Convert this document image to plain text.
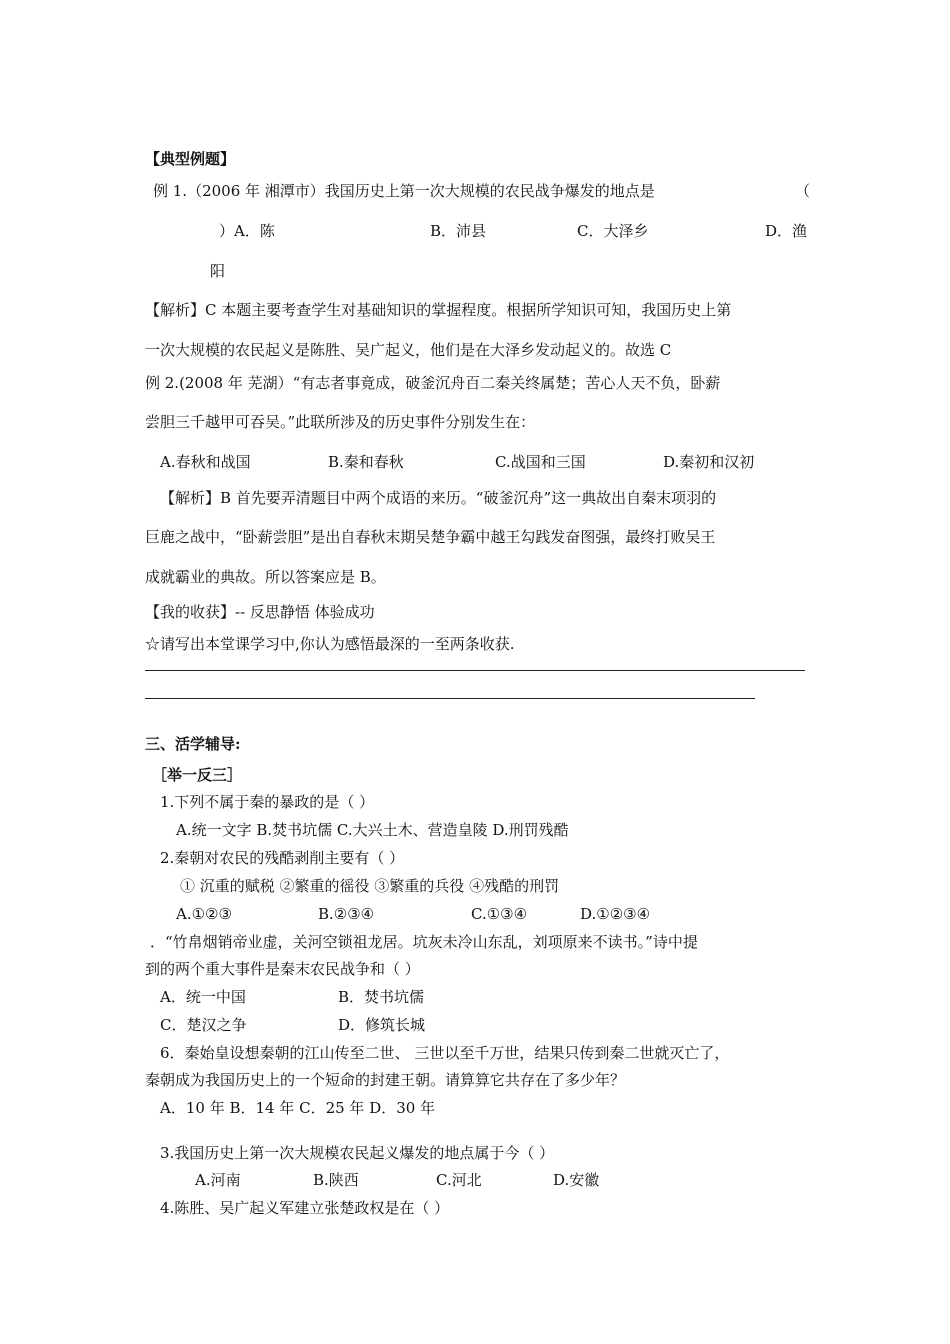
【典型例题】
例 1.（2006 年 湘潭市）我国历史上第一次大规模的农民战争爆发的地点是	（
）A．陈	B．沛县	C．大泽乡	D．渔
阳
【解析】C 本题主要考查学生对基础知识的掌握程度。根据所学知识可知，我国历史上第
一次大规模的农民起义是陈胜、吴广起义，他们是在大泽乡发动起义的。故选 C
例 2.(2008 年 芜湖）“有志者事竟成，破釜沉舟百二秦关终属楚；苦心人天不负，卧薪
尝胆三千越甲可吞吴。”此联所涉及的历史事件分别发生在：
A.春秋和战国	B.秦和春秋	C.战国和三国	D.秦初和汉初
【解析】B 首先要弄清题目中两个成语的来历。“破釜沉舟”这一典故出自秦末项羽的
巨鹿之战中，“卧薪尝胆”是出自春秋末期吴楚争霸中越王勾践发奋图强，最终打败吴王
成就霸业的典故。所以答案应是 B。
【我的收获】-- 反思静悟 体验成功
☆请写出本堂课学习中,你认为感悟最深的一至两条收获.
三、活学辅导:
［举一反三］
1.下列不属于秦的暴政的是（ ）
A.统一文字 B.焚书坑儒 C.大兴土木、营造皇陵 D.刑罚残酷
2.秦朝对农民的残酷剥削主要有（ ）
① 沉重的赋税 ②繁重的徭役 ③繁重的兵役 ④残酷的刑罚
A.①②③	B.②③④	C.①③④	D.①②③④
．“竹帛烟销帝业虚，关河空锁祖龙居。坑灰未冷山东乱，刘项原来不读书。”诗中提
到的两个重大事件是秦末农民战争和（ ）
A．统一中国	B．焚书坑儒
C．楚汉之争	D．修筑长城
6．秦始皇设想秦朝的江山传至二世、 三世以至千万世，结果只传到秦二世就灭亡了，
秦朝成为我国历史上的一个短命的封建王朝。请算算它共存在了多少年？
A．10 年 B．14 年 C．25 年 D．30 年
3.我国历史上第一次大规模农民起义爆发的地点属于今（ ）
A.河南	B.陕西	C.河北	D.安徽
4.陈胜、吴广起义军建立张楚政权是在（ ）
